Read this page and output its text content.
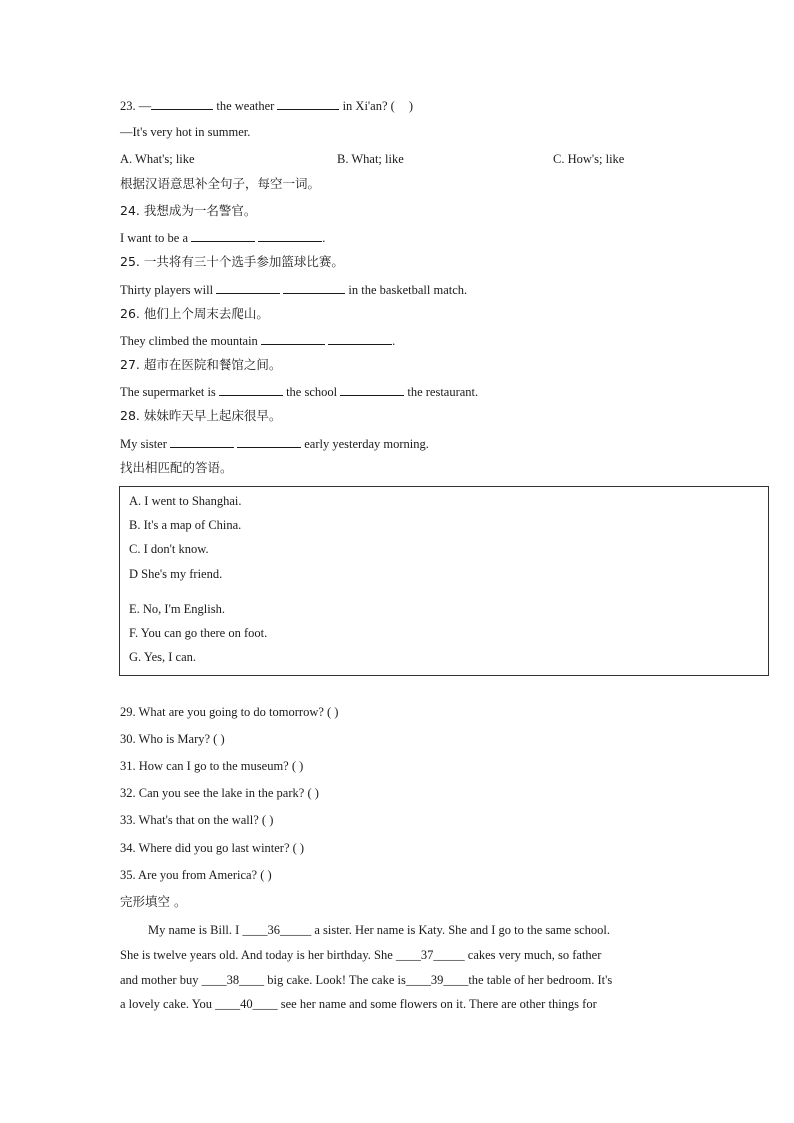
23. —	the weather	in Xi'an? ( )
—It's very hot in summer.
A. What's; like	B. What; like	C. How's; like
根据汉语意思补全句子，每空一词。
24. 我想成为一名警官。
I want to be a	.
25. 一共将有三十个选手参加篮球比赛。
Thirty players will	in the basketball match.
26. 他们上个周末去爬山。
They climbed the mountain	.
27. 超市在医院和餐馆之间。
The supermarket is	the school	the restaurant.
28. 妹妹昨天早上起床很早。
My sister	early yesterday morning.
找出相匹配的答语。
A. I went to Shanghai.
B. It's a map of China.
C. I don't know.
D She's my friend.
E. No, I'm English.
F. You can go there on foot.
G. Yes, I can.
29. What are you going to do tomorrow? ( )
30. Who is Mary? ( )
31. How can I go to the museum? ( )
32. Can you see the lake in the park? ( )
33. What's that on the wall? ( )
34. Where did you go last winter? ( )
35. Are you from America? ( )
完形填空 。
My name is Bill. I ____36_____ a sister. Her name is Katy. She and I go to the same school.
She is twelve years old. And today is her birthday. She ____37_____ cakes very much, so father
and mother buy ____38____ big cake. Look! The cake is____39____the table of her bedroom. It's
a lovely cake. You ____40____ see her name and some flowers on it. There are other things for
